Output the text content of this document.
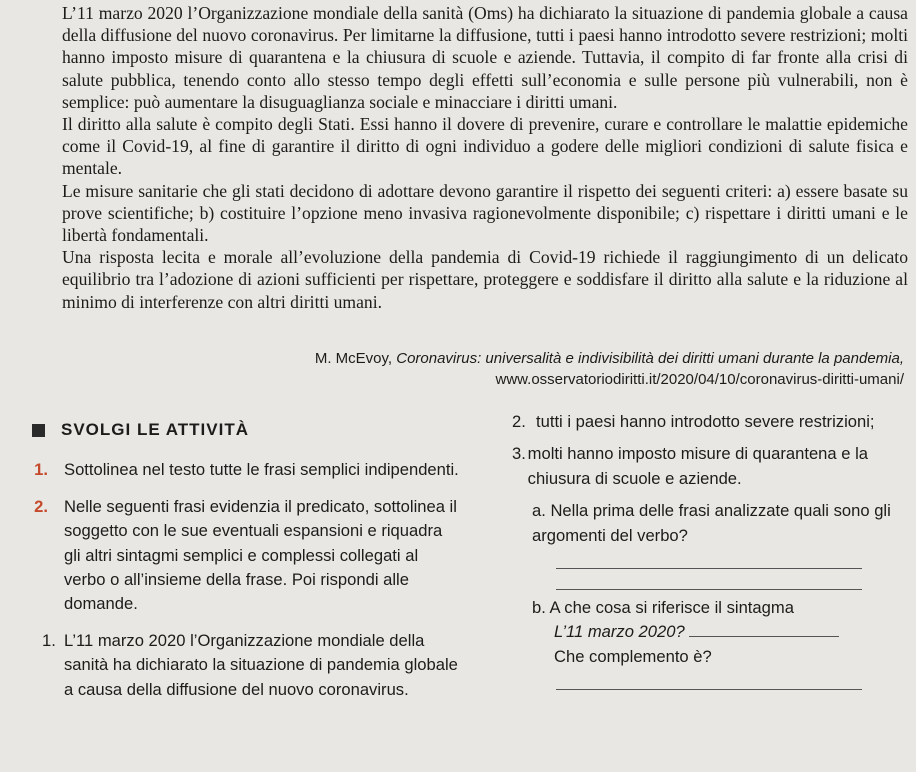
L’11 marzo 2020 l’Organizzazione mondiale della sanità (Oms) ha dichiarato la situazione di pandemia globale a causa della diffusione del nuovo coronavirus. Per limitarne la diffusione, tutti i paesi hanno introdotto severe restrizioni; molti hanno imposto misure di quarantena e la chiusura di scuole e aziende. Tuttavia, il compito di far fronte alla crisi di salute pubblica, tenendo conto allo stesso tempo degli effetti sull’economia e sulle persone più vulnerabili, non è semplice: può aumentare la disuguaglianza sociale e minacciare i diritti umani.

Il diritto alla salute è compito degli Stati. Essi hanno il dovere di prevenire, curare e controllare le malattie epidemiche come il Covid-19, al fine di garantire il diritto di ogni individuo a godere delle migliori condizioni di salute fisica e mentale.

Le misure sanitarie che gli stati decidono di adottare devono garantire il rispetto dei seguenti criteri: a) essere basate su prove scientifiche; b) costituire l’opzione meno invasiva ragionevolmente disponibile; c) rispettare i diritti umani e le libertà fondamentali.

Una risposta lecita e morale all’evoluzione della pandemia di Covid-19 richiede il raggiungimento di un delicato equilibrio tra l’adozione di azioni sufficienti per rispettare, proteggere e soddisfare il diritto alla salute e la riduzione al minimo di interferenze con altri diritti umani.

M. McEvoy, Coronavirus: universalità e indivisibilità dei diritti umani durante la pandemia,
www.osservatoriodiritti.it/2020/04/10/coronavirus-diritti-umani/
SVOLGI LE ATTIVITÀ
1. Sottolinea nel testo tutte le frasi semplici indipendenti.
2. Nelle seguenti frasi evidenzia il predicato, sottolinea il soggetto con le sue eventuali espansioni e riquadra gli altri sintagmi semplici e complessi collegati al verbo o all’insieme della frase. Poi rispondi alle domande.
1. L’11 marzo 2020 l’Organizzazione mondiale della sanità ha dichiarato la situazione di pandemia globale a causa della diffusione del nuovo coronavirus.
2. tutti i paesi hanno introdotto severe restrizioni;
3. molti hanno imposto misure di quarantena e la chiusura di scuole e aziende.
a. Nella prima delle frasi analizzate quali sono gli argomenti del verbo?
b. A che cosa si riferisce il sintagma
L’11 marzo 2020?
Che complemento è?
